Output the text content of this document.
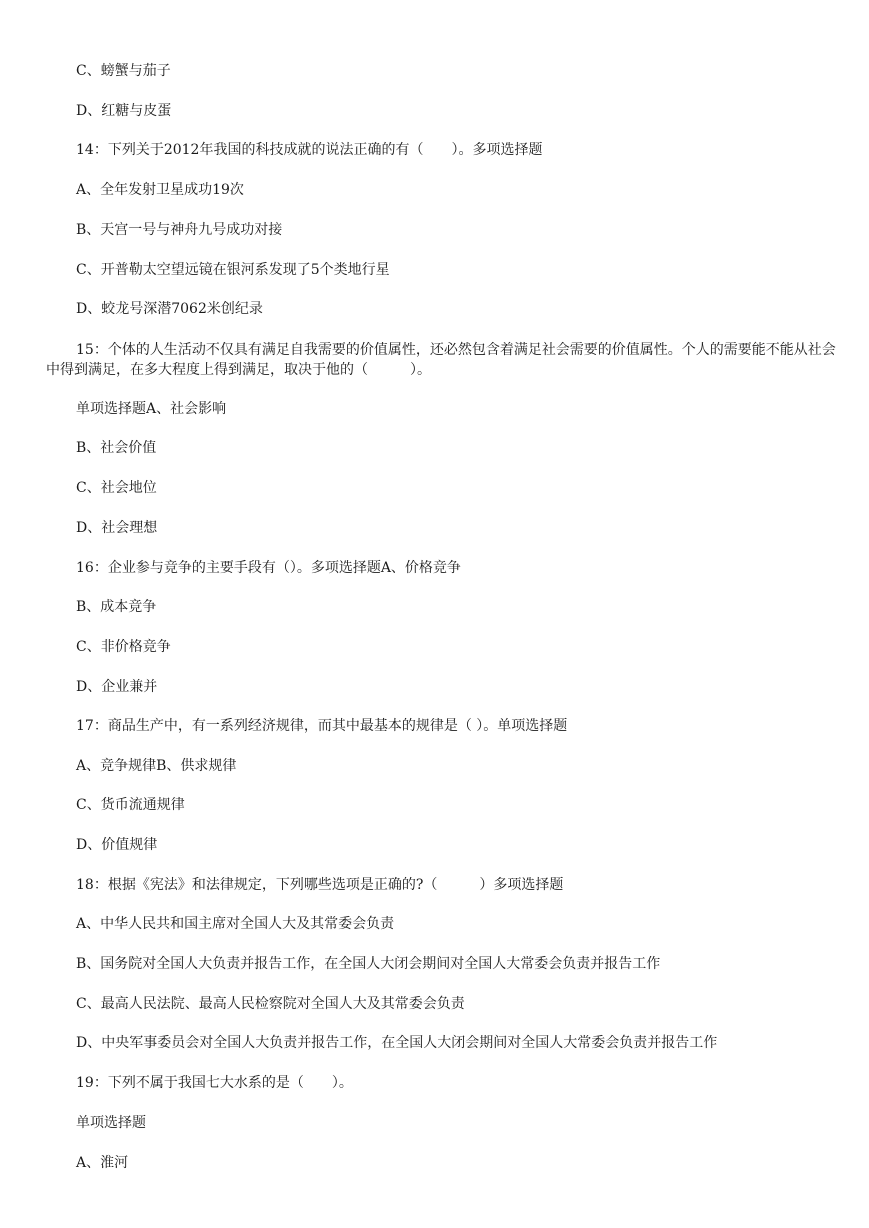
C、螃蟹与茄子
D、红糖与皮蛋
14：下列关于2012年我国的科技成就的说法正确的有（　　）。多项选择题
A、全年发射卫星成功19次
B、天宫一号与神舟九号成功对接
C、开普勒太空望远镜在银河系发现了5个类地行星
D、蛟龙号深潜7062米创纪录
15：个体的人生活动不仅具有满足自我需要的价值属性，还必然包含着满足社会需要的价值属性。个人的需要能不能从社会中得到满足，在多大程度上得到满足，取决于他的（　　　）。
单项选择题A、社会影响
B、社会价值
C、社会地位
D、社会理想
16：企业参与竞争的主要手段有（）。多项选择题A、价格竞争
B、成本竞争
C、非价格竞争
D、企业兼并
17：商品生产中，有一系列经济规律，而其中最基本的规律是（ ）。单项选择题
A、竞争规律B、供求规律
C、货币流通规律
D、价值规律
18：根据《宪法》和法律规定，下列哪些选项是正确的?（　　　）多项选择题
A、中华人民共和国主席对全国人大及其常委会负责
B、国务院对全国人大负责并报告工作，在全国人大闭会期间对全国人大常委会负责并报告工作
C、最高人民法院、最高人民检察院对全国人大及其常委会负责
D、中央军事委员会对全国人大负责并报告工作，在全国人大闭会期间对全国人大常委会负责并报告工作
19：下列不属于我国七大水系的是（　　）。
单项选择题
A、淮河
